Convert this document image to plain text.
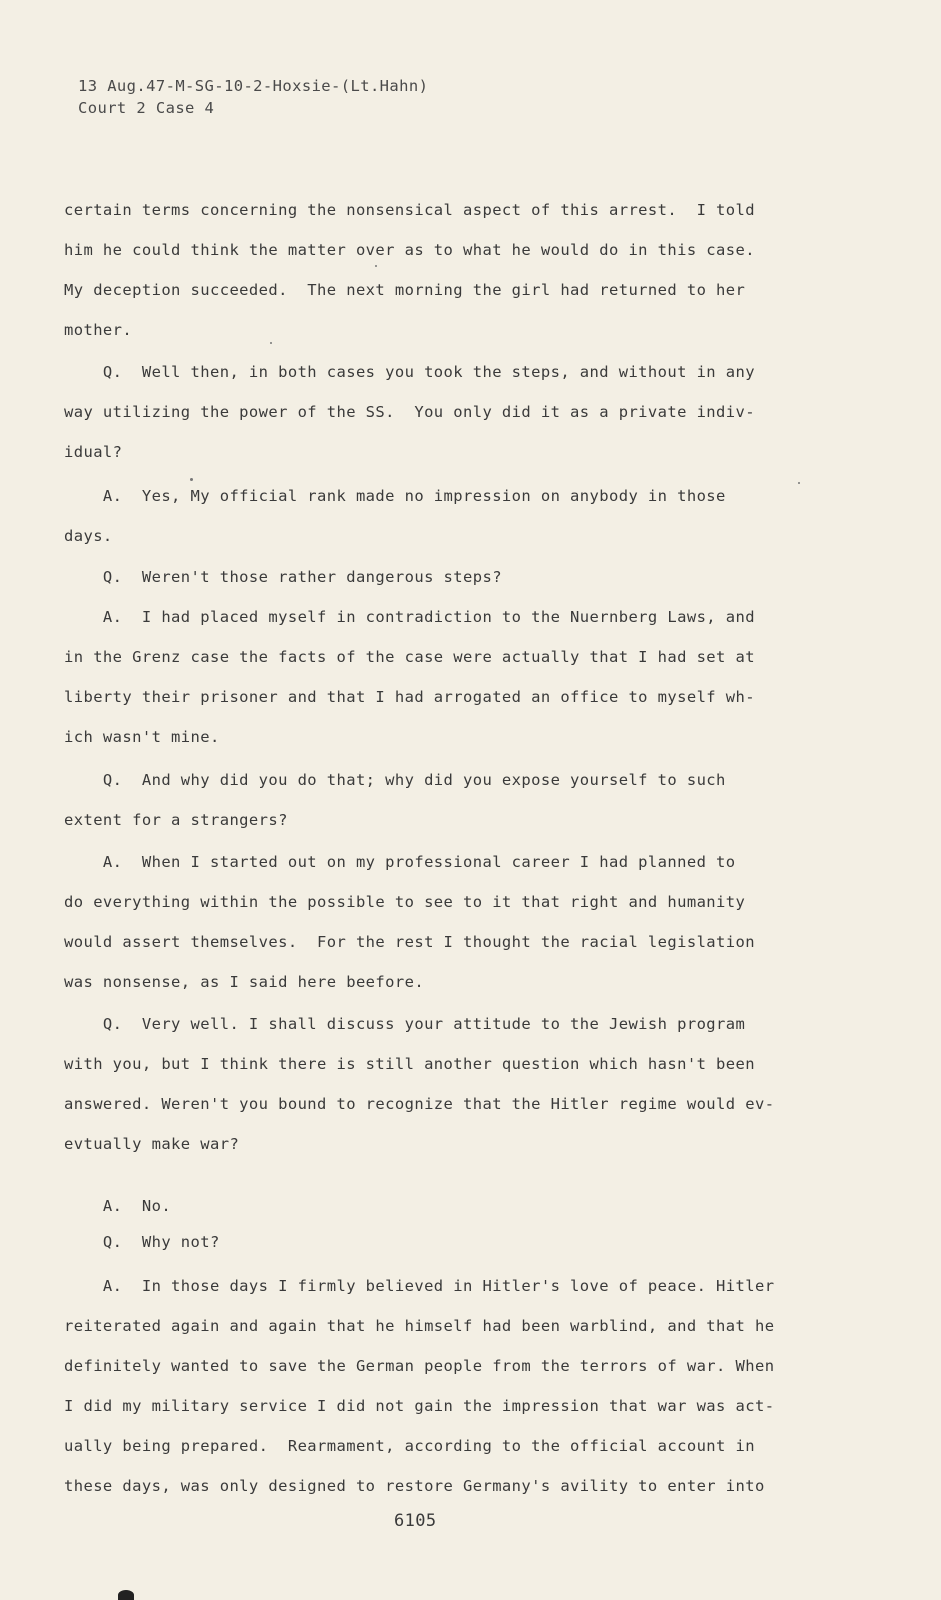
13 Aug.47-M-SG-10-2-Hoxsie-(Lt.Hahn)
Court 2 Case 4
certain terms concerning the nonsensical aspect of this arrest.  I told
him he could think the matter over as to what he would do in this case.
My deception succeeded.  The next morning the girl had returned to her
mother.
Q.  Well then, in both cases you took the steps, and without in any
way utilizing the power of the SS.  You only did it as a private indiv-
idual?
A.  Yes, My official rank made no impression on anybody in those
days.
Q.  Weren't those rather dangerous steps?
A.  I had placed myself in contradiction to the Nuernberg Laws, and
in the Grenz case the facts of the case were actually that I had set at
liberty their prisoner and that I had arrogated an office to myself wh-
ich wasn't mine.
Q.  And why did you do that; why did you expose yourself to such
extent for a strangers?
A.  When I started out on my professional career I had planned to
do everything within the possible to see to it that right and humanity
would assert themselves.  For the rest I thought the racial legislation
was nonsense, as I said here beefore.
Q.  Very well. I shall discuss your attitude to the Jewish program
with you, but I think there is still another question which hasn't been
answered. Weren't you bound to recognize that the Hitler regime would ev-
evtually make war?
A.  No.
Q.  Why not?
A.  In those days I firmly believed in Hitler's love of peace. Hitler
reiterated again and again that he himself had been warblind, and that he
definitely wanted to save the German people from the terrors of war. When
I did my military service I did not gain the impression that war was act-
ually being prepared.  Rearmament, according to the official account in
these days, was only designed to restore Germany's avility to enter into
6105
